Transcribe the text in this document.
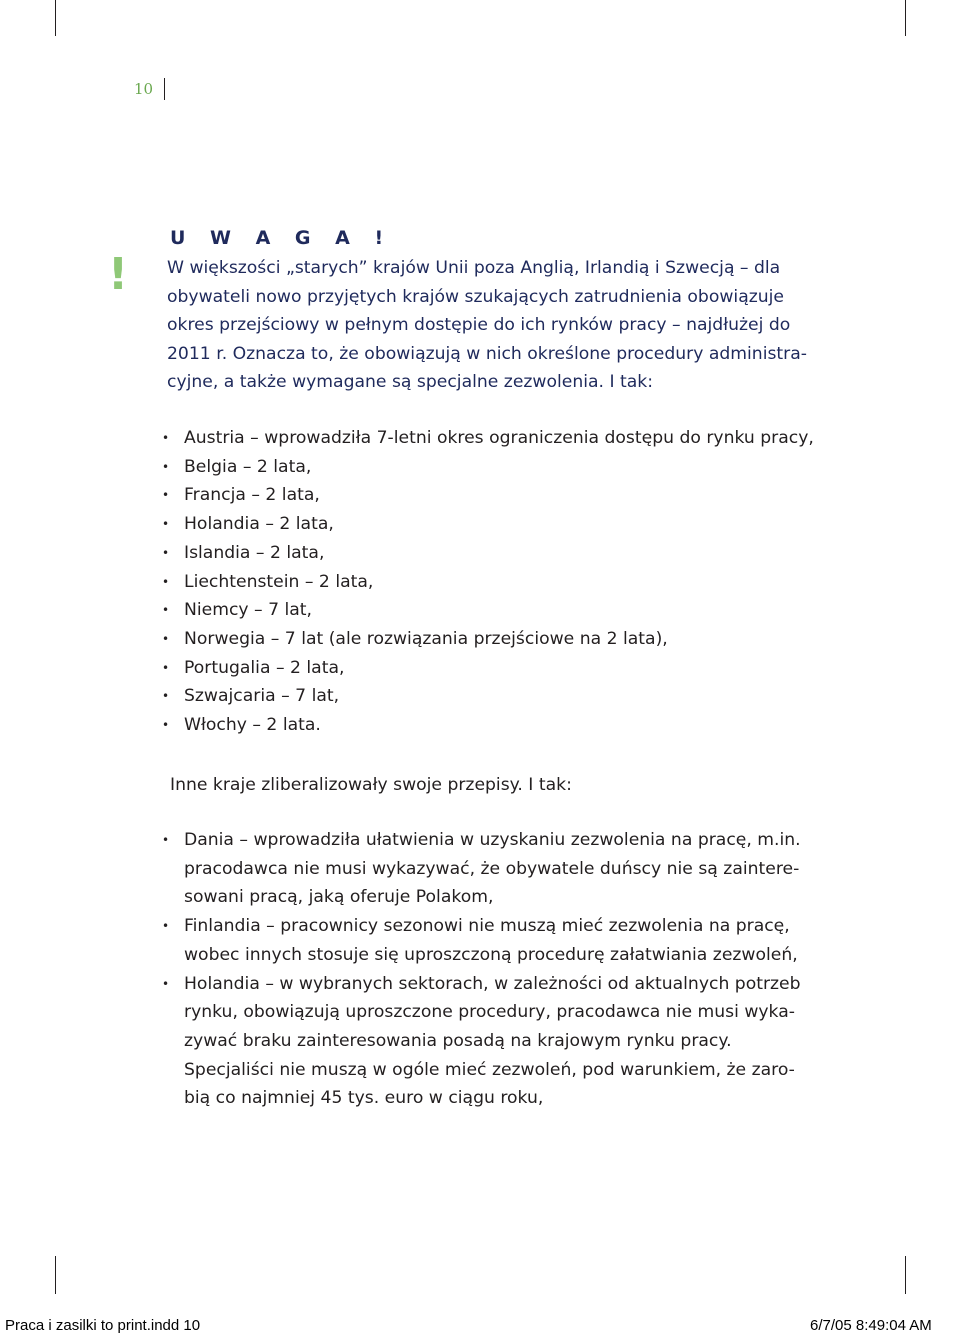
10
!
U W A G A !
W większości „starych” krajów Unii poza Anglią, Irlandią i Szwecją – dla
obywateli nowo przyjętych krajów szukających zatrudnienia obowiązuje
okres przejściowy w pełnym dostępie do ich rynków pracy – najdłużej do
2011 r. Oznacza to, że obowiązują w nich określone procedury administra-
cyjne, a także wymagane są specjalne zezwolenia. I tak:
• Austria – wprowadziła 7-letni okres ograniczenia dostępu do rynku pracy,
• Belgia – 2 lata,
• Francja – 2 lata,
• Holandia – 2 lata,
• Islandia – 2 lata,
• Liechtenstein – 2 lata,
• Niemcy – 7 lat,
• Norwegia – 7 lat (ale rozwiązania przejściowe na 2 lata),
• Portugalia – 2 lata,
• Szwajcaria – 7 lat,
• Włochy – 2 lata.

Inne kraje zliberalizowały swoje przepisy. I tak:

• Dania – wprowadziła ułatwienia w uzyskaniu zezwolenia na pracę, m.in.
pracodawca nie musi wykazywać, że obywatele duńscy nie są zaintere-
sowani pracą, jaką oferuje Polakom,
• Finlandia – pracownicy sezonowi nie muszą mieć zezwolenia na pracę,
wobec innych stosuje się uproszczoną procedurę załatwiania zezwoleń,
• Holandia – w wybranych sektorach, w zależności od aktualnych potrzeb
rynku, obowiązują uproszczone procedury, pracodawca nie musi wyka-
zywać braku zainteresowania posadą na krajowym rynku pracy.
Specjaliści nie muszą w ogóle mieć zezwoleń, pod warunkiem, że zaro-
bią co najmniej 45 tys. euro w ciągu roku,
Praca i zasilki to print.indd 10	6/7/05 8:49:04 AM
